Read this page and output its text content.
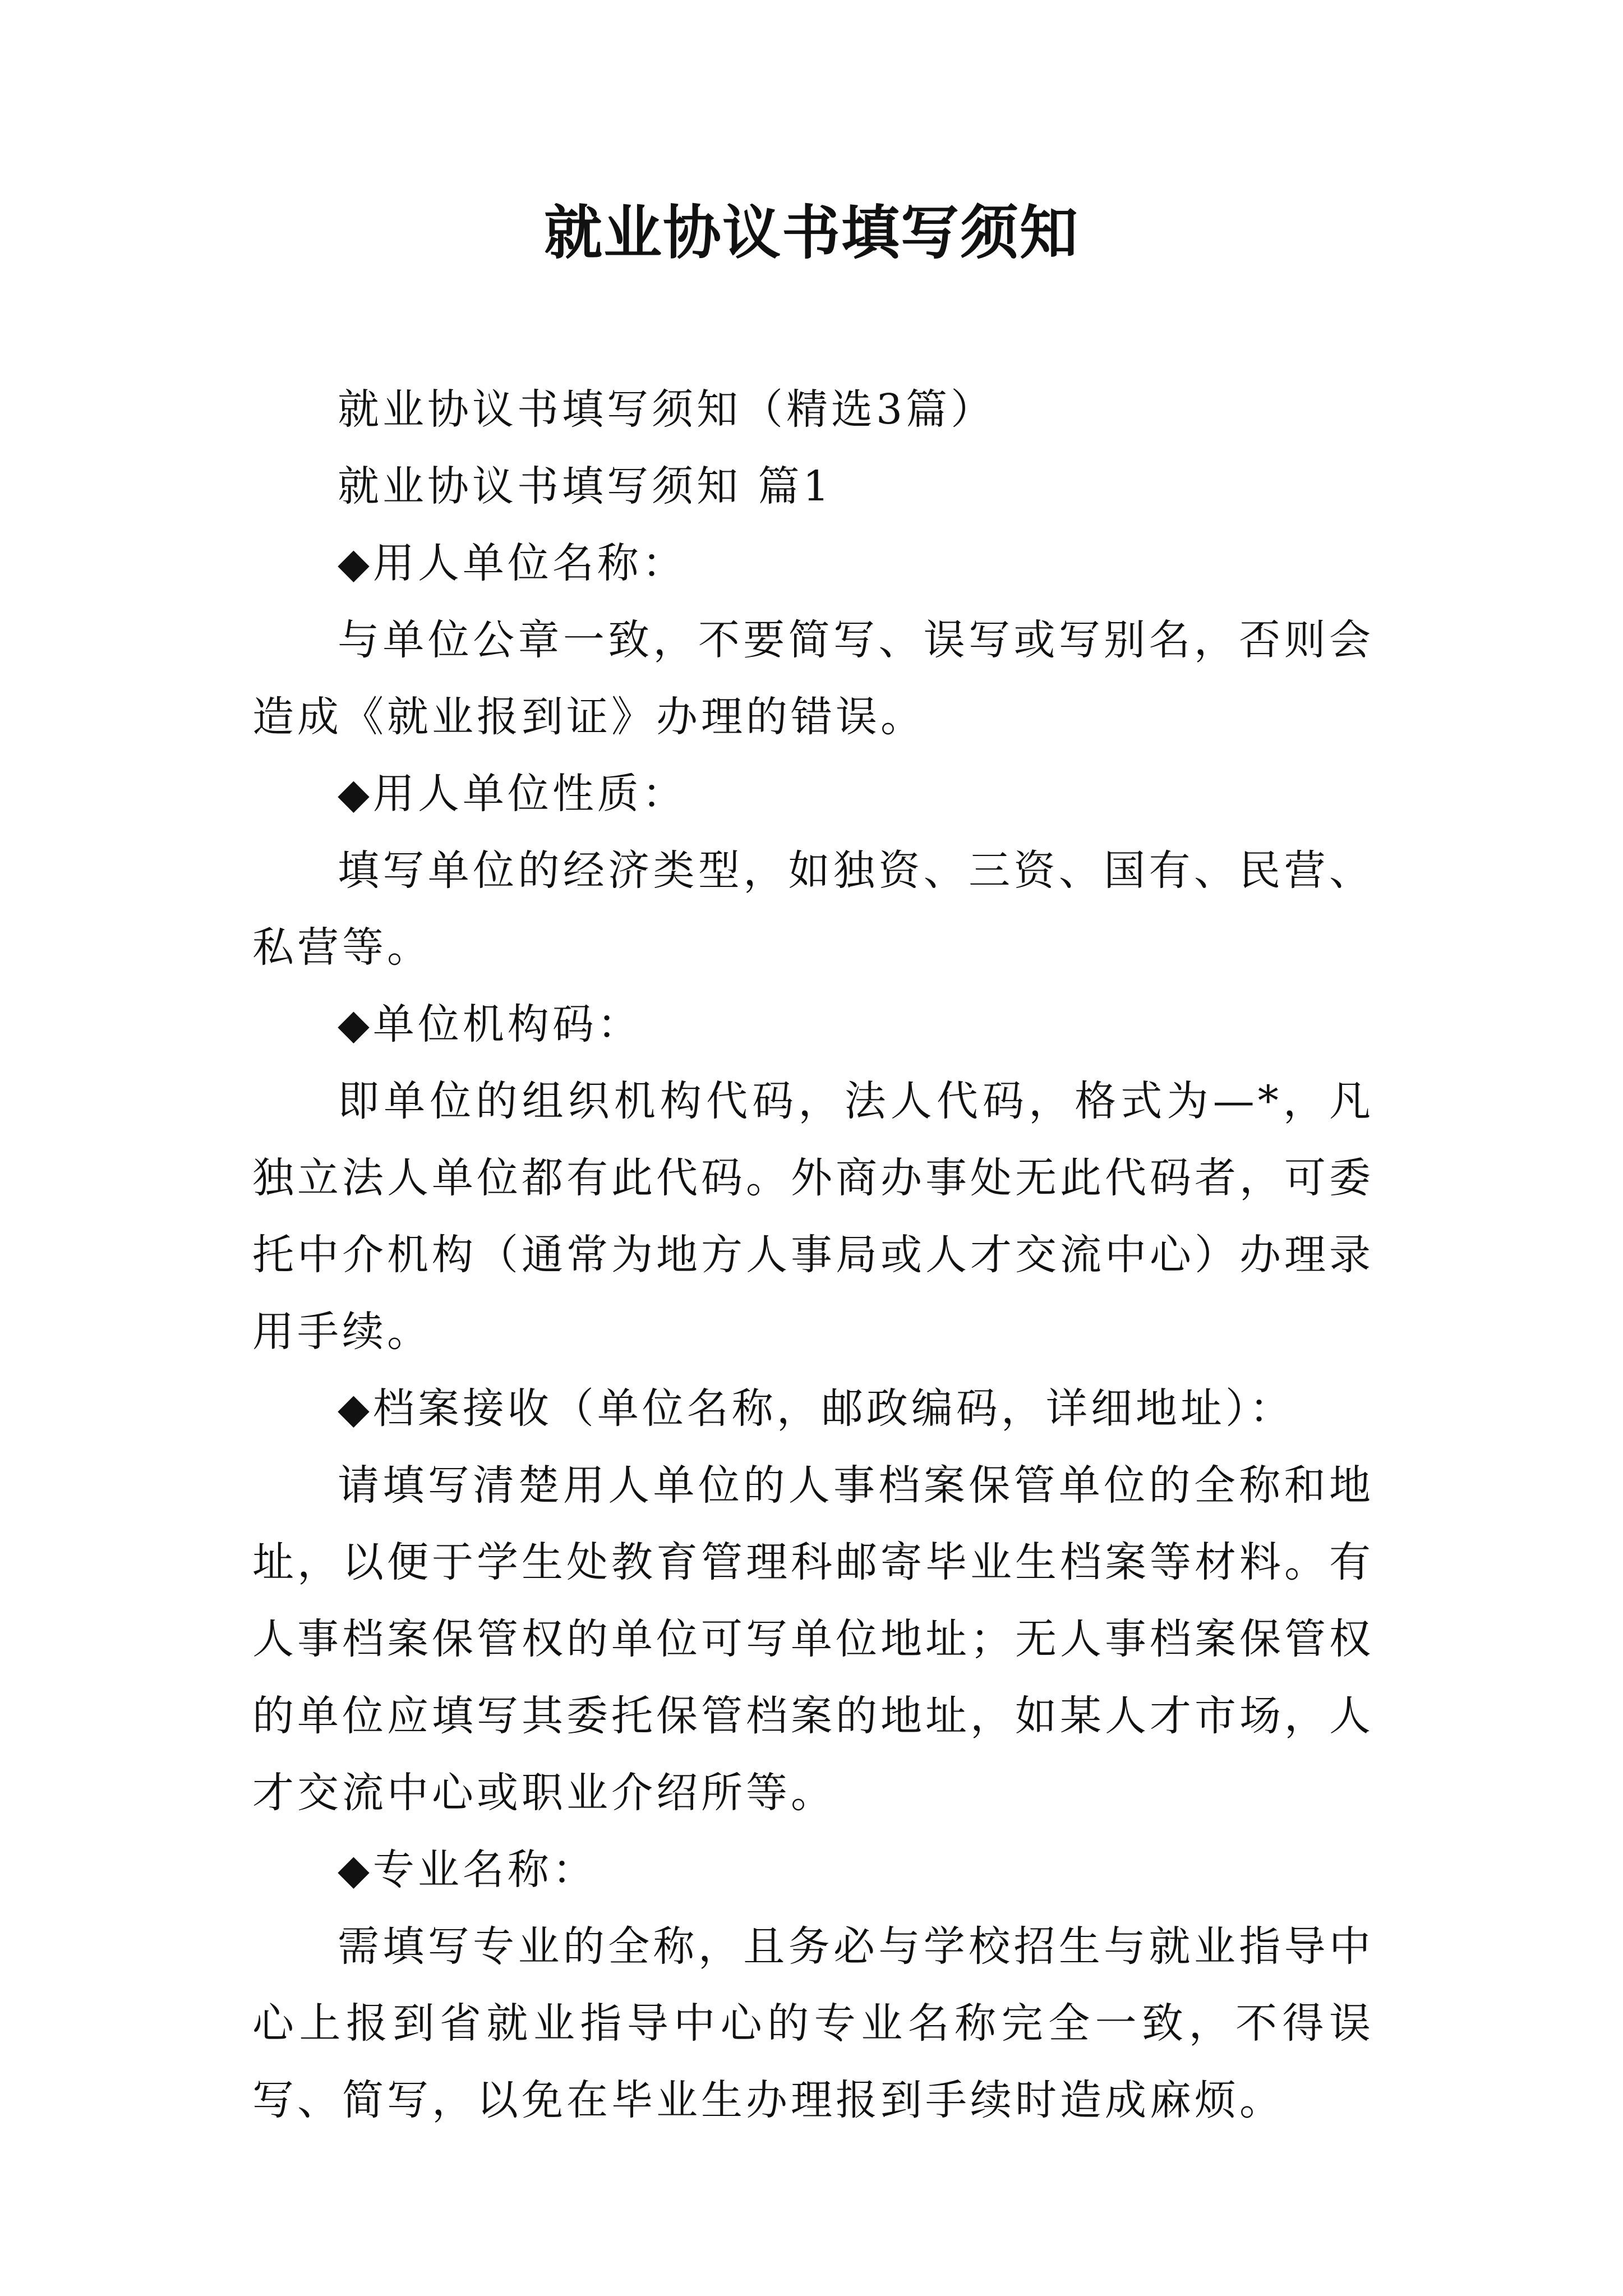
就业协议书填写须知

就业协议书填写须知（精选3篇）

就业协议书填写须知 篇1

◆用人单位名称：

与单位公章一致，不要简写、误写或写别名，否则会造成《就业报到证》办理的错误。

◆用人单位性质：

填写单位的经济类型，如独资、三资、国有、民营、私营等。

◆单位机构码：

即单位的组织机构代码，法人代码，格式为—*，凡独立法人单位都有此代码。外商办事处无此代码者，可委托中介机构（通常为地方人事局或人才交流中心）办理录用手续。

◆档案接收（单位名称，邮政编码，详细地址）：

请填写清楚用人单位的人事档案保管单位的全称和地址，以便于学生处教育管理科邮寄毕业生档案等材料。有人事档案保管权的单位可写单位地址；无人事档案保管权的单位应填写其委托保管档案的地址，如某人才市场，人才交流中心或职业介绍所等。

◆专业名称：

需填写专业的全称，且务必与学校招生与就业指导中心上报到省就业指导中心的专业名称完全一致，不得误写、简写，以免在毕业生办理报到手续时造成麻烦。
